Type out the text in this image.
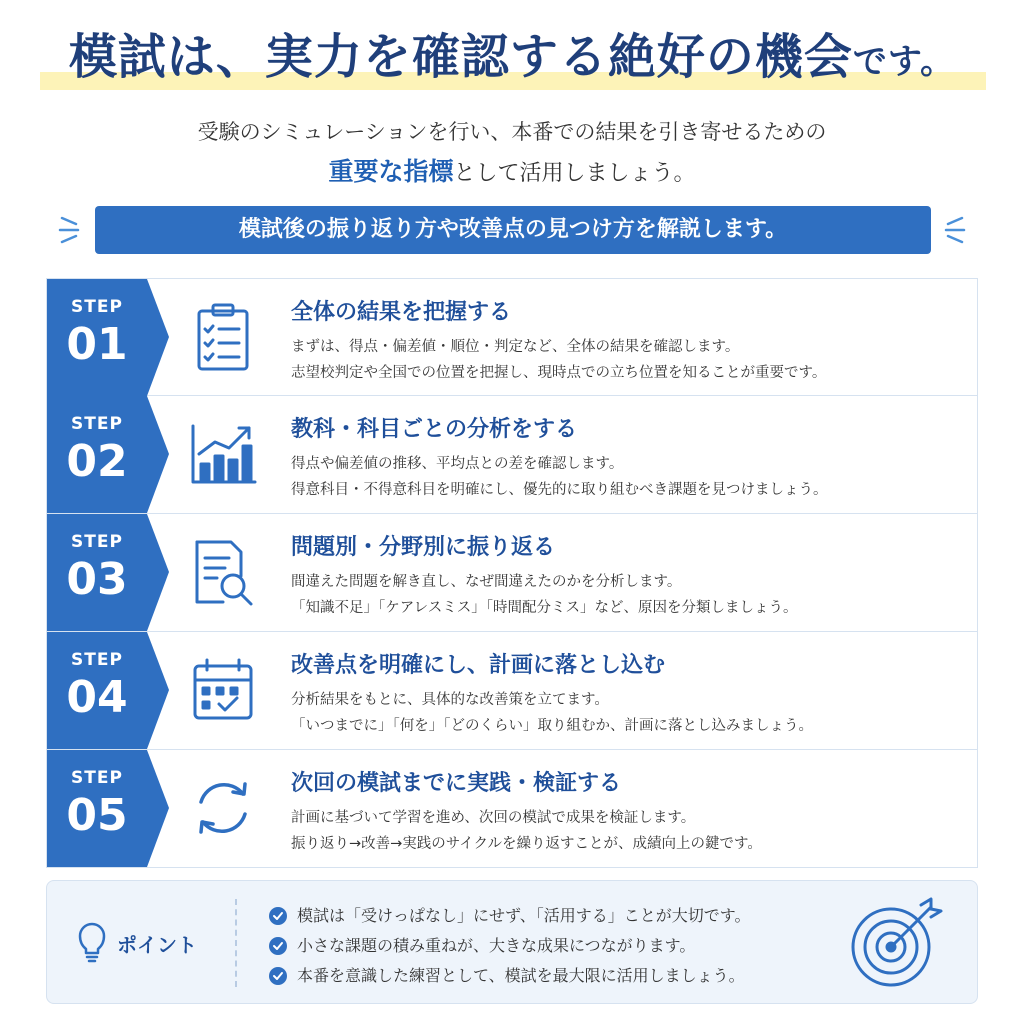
模試は、実力を確認する絶好の機会です。
受験のシミュレーションを行い、本番での結果を引き寄せるための
重要な指標として活用しましょう。
模試後の振り返り方や改善点の見つけ方を解説します。
STEP
01
全体の結果を把握する
まずは、得点・偏差値・順位・判定など、全体の結果を確認します。
志望校判定や全国での位置を把握し、現時点での立ち位置を知ることが重要です。
STEP
02
教科・科目ごとの分析をする
得点や偏差値の推移、平均点との差を確認します。
得意科目・不得意科目を明確にし、優先的に取り組むべき課題を見つけましょう。
STEP
03
問題別・分野別に振り返る
間違えた問題を解き直し、なぜ間違えたのかを分析します。
「知識不足」「ケアレスミス」「時間配分ミス」など、原因を分類しましょう。
STEP
04
改善点を明確にし、計画に落とし込む
分析結果をもとに、具体的な改善策を立てます。
「いつまでに」「何を」「どのくらい」取り組むか、計画に落とし込みましょう。
STEP
05
次回の模試までに実践・検証する
計画に基づいて学習を進め、次回の模試で成果を検証します。
振り返り→改善→実践のサイクルを繰り返すことが、成績向上の鍵です。
ポイント
模試は「受けっぱなし」にせず、「活用する」ことが大切です。
小さな課題の積み重ねが、大きな成果につながります。
本番を意識した練習として、模試を最大限に活用しましょう。
